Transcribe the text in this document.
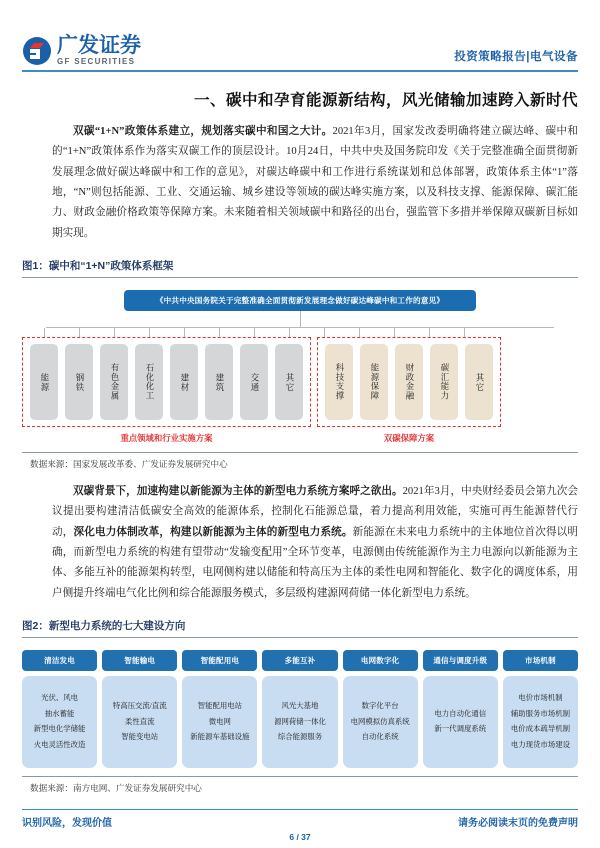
广发证券
GF SECURITIES	投资策略报告|电气设备
一、碳中和孕育能源新结构，风光储输加速跨入新时代

双碳“1+N”政策体系建立，规划落实碳中和国之大计。2021年3月，国家发改委明确将建立碳达峰、碳中和的“1+N”政策体系作为落实双碳工作的顶层设计。10月24日，中共中央及国务院印发《关于完整准确全面贯彻新发展理念做好碳达峰碳中和工作的意见》，对碳达峰碳中和工作进行系统谋划和总体部署，政策体系主体“1”落地，“N”则包括能源、工业、交通运输、城乡建设等领域的碳达峰实施方案，以及科技支撑、能源保障、碳汇能力、财政金融价格政策等保障方案。未来随着相关领域碳中和路径的出台，强监管下多措并举保障双碳新目标如期实现。

图1：碳中和“1+N”政策体系框架
《中共中央国务院关于完整准确全面贯彻新发展理念做好碳达峰碳中和工作的意见》
能源	钢铁	有色金属	石化化工	建材	建筑	交通	其它	科技支撑	能源保障	财政金融	碳汇能力	其它
重点领域和行业实施方案	双碳保障方案
数据来源：国家发展改革委、广发证券发展研究中心

双碳背景下，加速构建以新能源为主体的新型电力系统方案呼之欲出。2021年3月，中央财经委员会第九次会议提出要构建清洁低碳安全高效的能源体系，控制化石能源总量，着力提高利用效能，实施可再生能源替代行动，深化电力体制改革，构建以新能源为主体的新型电力系统。新能源在未来电力系统中的主体地位首次得以明确，而新型电力系统的构建有望带动“发输变配用”全环节变革，电源侧由传统能源作为主力电源向以新能源为主体、多能互补的能源架构转型，电网侧构建以储能和特高压为主体的柔性电网和智能化、数字化的调度体系，用户侧提升终端电气化比例和综合能源服务模式，多层级构建源网荷储一体化新型电力系统。

图2：新型电力系统的七大建设方向
清洁发电
光伏、风电
抽水蓄能
新型电化学储能
火电灵活性改造
智能输电
特高压交流/直流
柔性直流
智能变电站
智能配用电
智能配用电站
微电网
新能源车基础设施
多能互补
风光大基地
源网荷储一体化
综合能源服务
电网数字化
数字化平台
电网模拟仿真系统
自动化系统
通信与调度升级
电力自动化通信
新一代调度系统
市场机制
电价市场机制
辅助服务市场机制
电价成本疏导机制
电力现货市场建设
数据来源：南方电网、广发证券发展研究中心
识别风险，发现价值	请务必阅读末页的免费声明
6 / 37
